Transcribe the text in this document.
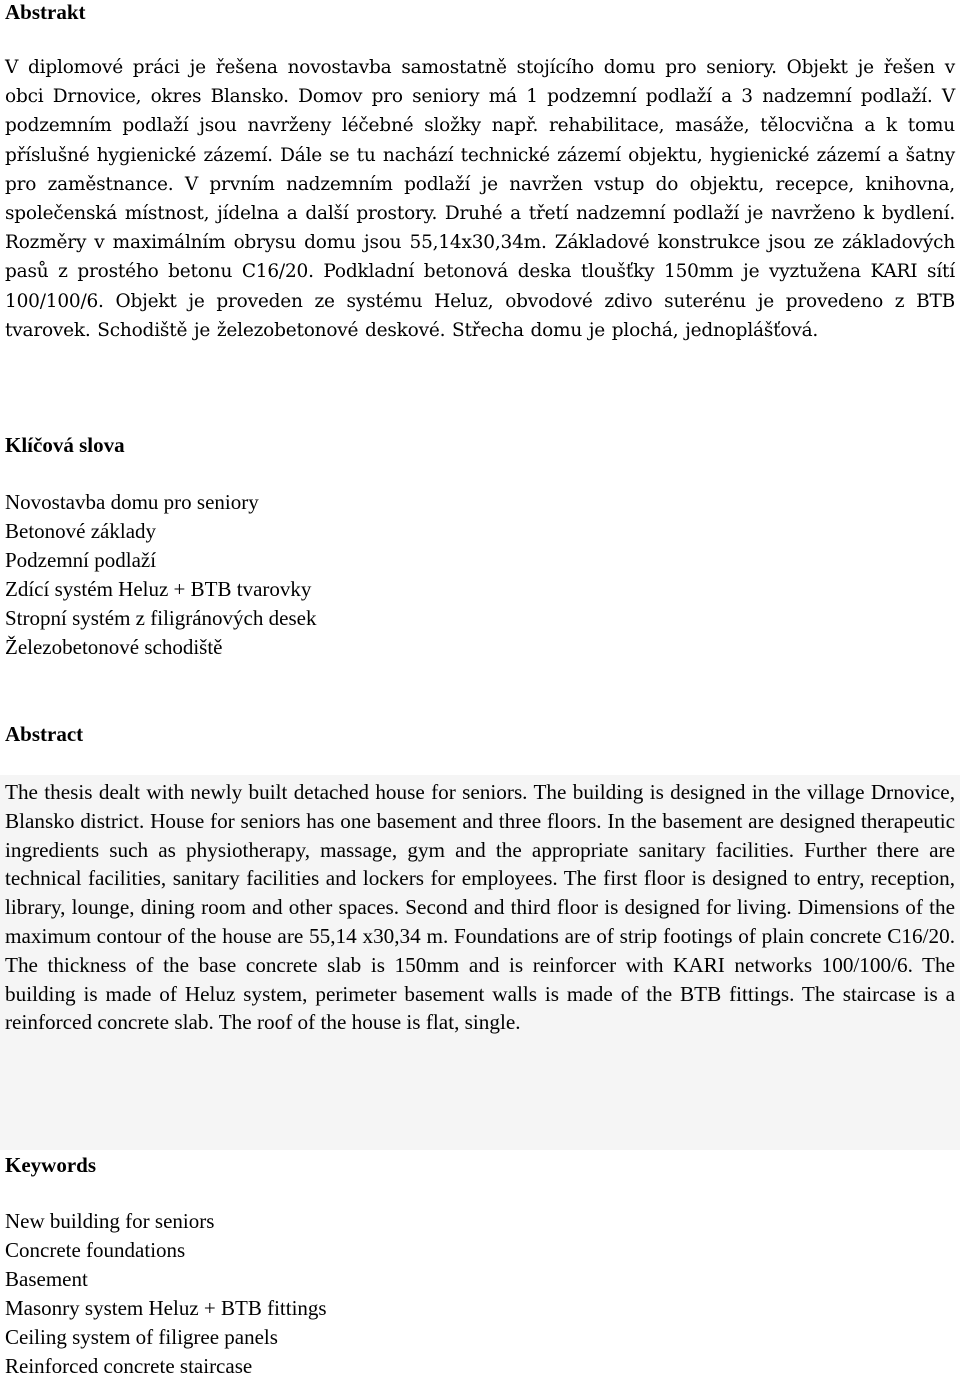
Abstrakt

V diplomové práci je řešena novostavba samostatně stojícího domu pro seniory. Objekt je řešen v obci Drnovice, okres Blansko. Domov pro seniory má 1 podzemní podlaží a 3 nadzemní podlaží. V podzemním podlaží jsou navrženy léčebné složky např. rehabilitace, masáže, tělocvična a k tomu příslušné hygienické zázemí. Dále se tu nachází technické zázemí objektu, hygienické zázemí a šatny pro zaměstnance. V prvním nadzemním podlaží je navržen vstup do objektu, recepce, knihovna, společenská místnost, jídelna a další prostory. Druhé a třetí nadzemní podlaží je navrženo k bydlení. Rozměry v maximálním obrysu domu jsou 55,14x30,34m. Základové konstrukce jsou ze základových pasů z prostého betonu C16/20. Podkladní betonová deska tloušťky 150mm je vyztužena KARI sítí 100/100/6. Objekt je proveden ze systému Heluz, obvodové zdivo suterénu je provedeno z BTB tvarovek. Schodiště je železobetonové deskové. Střecha domu je plochá, jednoplášťová.

Klíčová slova
Novostavba domu pro seniory
Betonové základy
Podzemní podlaží
Zdící systém Heluz + BTB tvarovky
Stropní systém z filigránových desek
Železobetonové schodiště
Abstract

The thesis dealt with newly built detached house for seniors. The building is designed in the village Drnovice, Blansko district. House for seniors has one basement and three floors. In the basement are designed therapeutic ingredients such as physiotherapy, massage, gym and the appropriate sanitary facilities. Further there are technical facilities, sanitary facilities and lockers for employees. The first floor is designed to entry, reception, library, lounge, dining room and other spaces. Second and third floor is designed for living. Dimensions of the maximum contour of the house are 55,14 x30,34 m. Foundations are of strip footings of plain concrete C16/20. The thickness of the base concrete slab is 150mm and is reinforcer with KARI networks 100/100/6. The building is made of Heluz system, perimeter basement walls is made of the BTB fittings. The staircase is a reinforced concrete slab. The roof of the house is flat, single.

Keywords
New building for seniors
Concrete foundations
Basement
Masonry system Heluz + BTB fittings
Ceiling system of filigree panels
Reinforced concrete staircase
